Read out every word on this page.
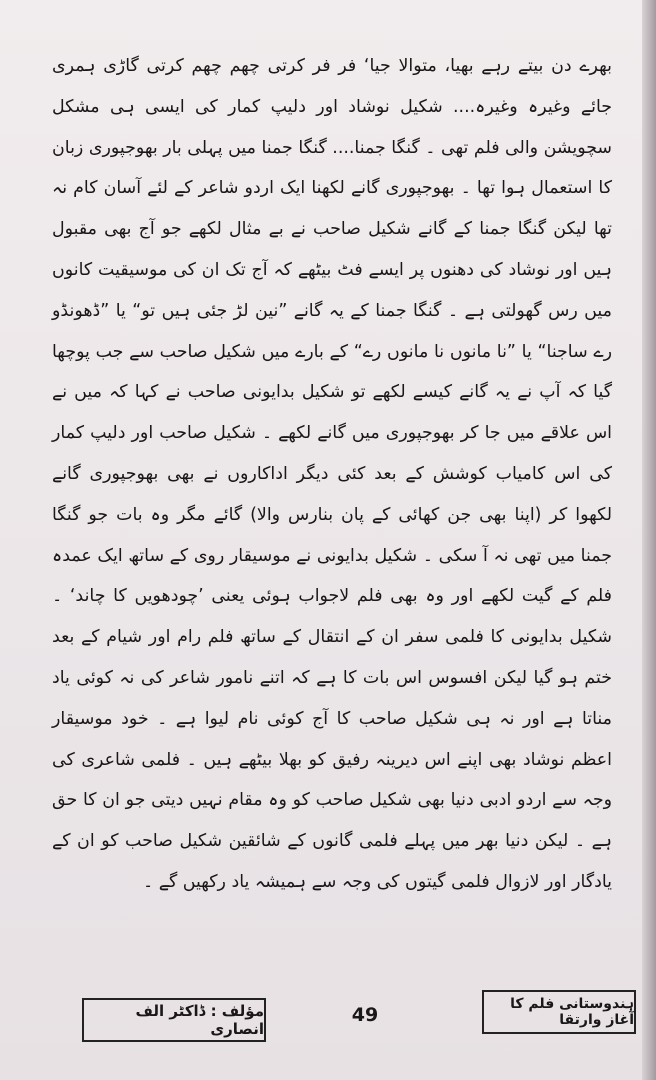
بھرے دن بیتے رہے بھیا، متوالا جیا‘ فر فر کرتی چھم چھم کرتی گاڑی ہمری جائے وغیرہ وغیرہ.... شکیل نوشاد اور دلیپ کمار کی ایسی ہی مشکل سچویشن والی فلم تھی ۔ گنگا جمنا.... گنگا جمنا میں پہلی بار بھوجپوری زبان کا استعمال ہوا تھا ۔ بھوجپوری گانے لکھنا ایک اردو شاعر کے لئے آسان کام نہ تھا لیکن گنگا جمنا کے گانے شکیل صاحب نے بے مثال لکھے جو آج بھی مقبول ہیں اور نوشاد کی دھنوں پر ایسے فٹ بیٹھے کہ آج تک ان کی موسیقیت کانوں میں رس گھولتی ہے ۔ گنگا جمنا کے یہ گانے ”نین لڑ جئی ہیں تو“ یا ”ڈھونڈو رے ساجنا“ یا ”نا مانوں نا مانوں رے“ کے بارے میں شکیل صاحب سے جب پوچھا گیا کہ آپ نے یہ گانے کیسے لکھے تو شکیل بدایونی صاحب نے کہا کہ میں نے اس علاقے میں جا کر بھوجپوری میں گانے لکھے ۔ شکیل صاحب اور دلیپ کمار کی اس کامیاب کوشش کے بعد کئی دیگر اداکاروں نے بھی بھوجپوری گانے لکھوا کر (اپنا بھی جن کھائی کے پان بنارس والا) گائے مگر وہ بات جو گنگا جمنا میں تھی نہ آ سکی ۔ شکیل بدایونی نے موسیقار روی کے ساتھ ایک عمدہ فلم کے گیت لکھے اور وہ بھی فلم لاجواب ہوئی یعنی ’چودھویں کا چاند‘ ۔ شکیل بدایونی کا فلمی سفر ان کے انتقال کے ساتھ فلم رام اور شیام کے بعد ختم ہو گیا لیکن افسوس اس بات کا ہے کہ اتنے نامور شاعر کی نہ کوئی یاد مناتا ہے اور نہ ہی شکیل صاحب کا آج کوئی نام لیوا ہے ۔ خود موسیقار اعظم نوشاد بھی اپنے اس دیرینہ رفیق کو بھلا بیٹھے ہیں ۔ فلمی شاعری کی وجہ سے اردو ادبی دنیا بھی شکیل صاحب کو وہ مقام نہیں دیتی جو ان کا حق ہے ۔ لیکن دنیا بھر میں پہلے فلمی گانوں کے شائقین شکیل صاحب کو ان کے یادگار اور لازوال فلمی گیتوں کی وجہ سے ہمیشہ یاد رکھیں گے ۔

مؤلف : ڈاکٹر الف انصاری
49	ہندوستانی فلم کا آغاز وارتقا
